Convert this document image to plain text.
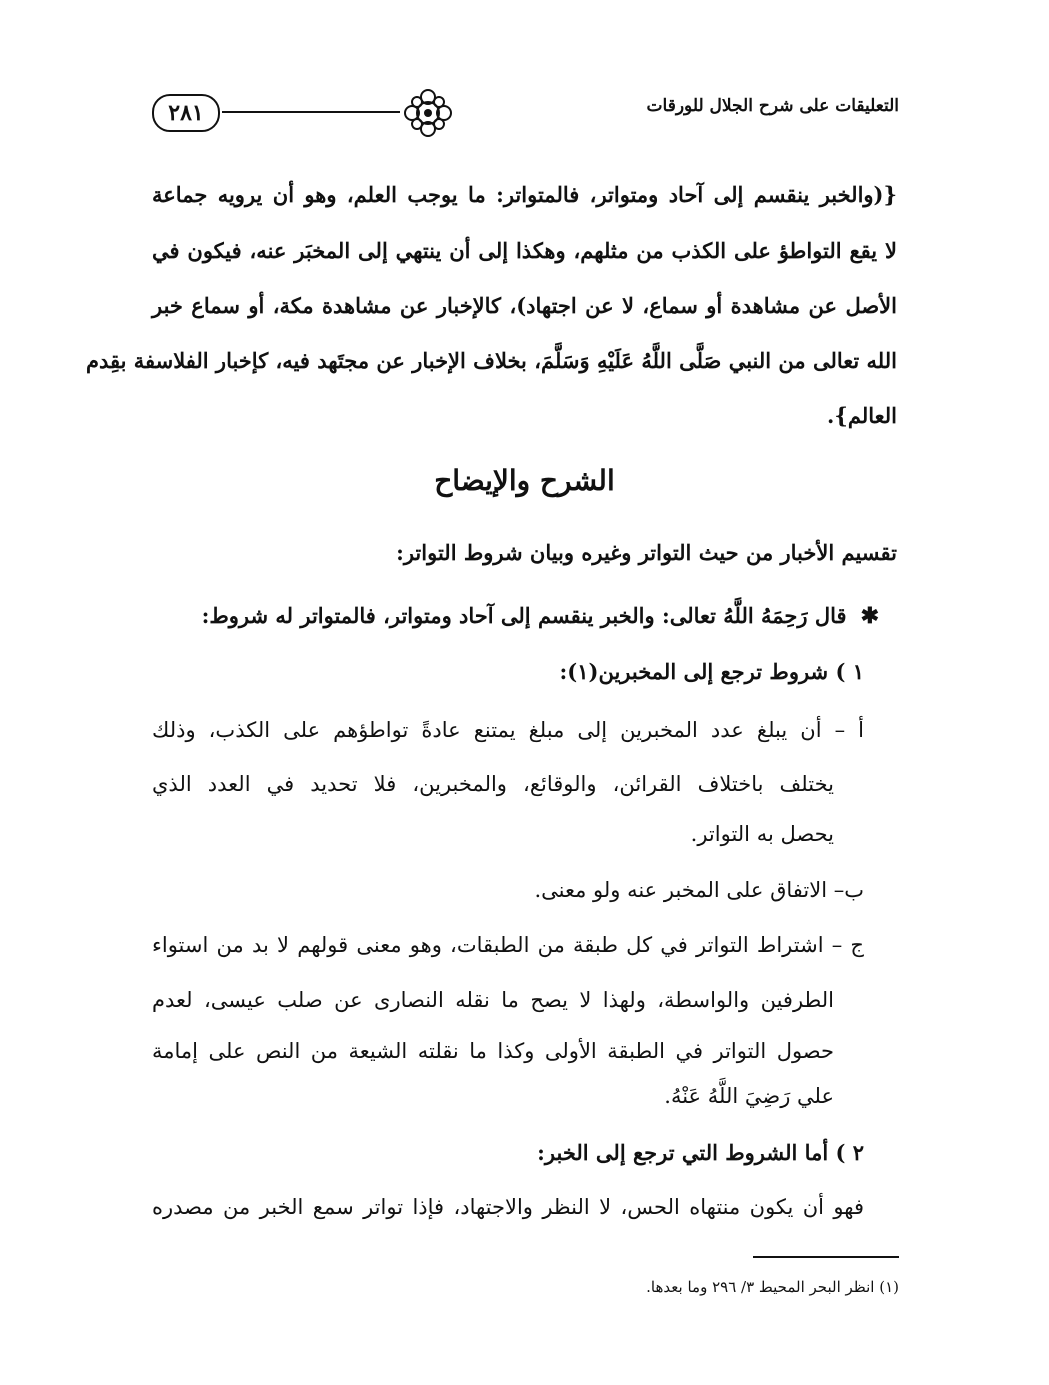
التعليقات على شرح الجلال للورقات
٢٨١
{(والخبر ينقسم إلى آحاد ومتواتر، فالمتواتر: ما يوجب العلم، وهو أن يرويه جماعة
لا يقع التواطؤ على الكذب من مثلهم، وهكذا إلى أن ينتهي إلى المخبَر عنه، فيكون في
الأصل عن مشاهدة أو سماع، لا عن اجتهاد)، كالإخبار عن مشاهدة مكة، أو سماع خبر
الله تعالى من النبي صَلَّى اللَّهُ عَلَيْهِ وَسَلَّمَ، بخلاف الإخبار عن مجتَهد فيه، كإخبار الفلاسفة بقِدم
العالم}.
الشرح والإيضاح
تقسيم الأخبار من حيث التواتر وغيره وبيان شروط التواتر:
✱قال رَحِمَهُ اللَّهُ تعالى: والخبر ينقسم إلى آحاد ومتواتر، فالمتواتر له شروط:
١ ) شروط ترجع إلى المخبرين(١):
أ – أن يبلغ عدد المخبرين إلى مبلغ يمتنع عادةً تواطؤهم على الكذب، وذلك
يختلف باختلاف القرائن، والوقائع، والمخبرين، فلا تحديد في العدد الذي
يحصل به التواتر.
ب– الاتفاق على المخبر عنه ولو معنى.
ج – اشتراط التواتر في كل طبقة من الطبقات، وهو معنى قولهم لا بد من استواء
الطرفين والواسطة، ولهذا لا يصح ما نقله النصارى عن صلب عيسى، لعدم
حصول التواتر في الطبقة الأولى وكذا ما نقلته الشيعة من النص على إمامة
علي رَضِيَ اللَّهُ عَنْهُ.
٢ ) أما الشروط التي ترجع إلى الخبر:
فهو أن يكون منتهاه الحس، لا النظر والاجتهاد، فإذا تواتر سمع الخبر من مصدره
(١) انظر البحر المحيط ٣/ ٢٩٦ وما بعدها.
